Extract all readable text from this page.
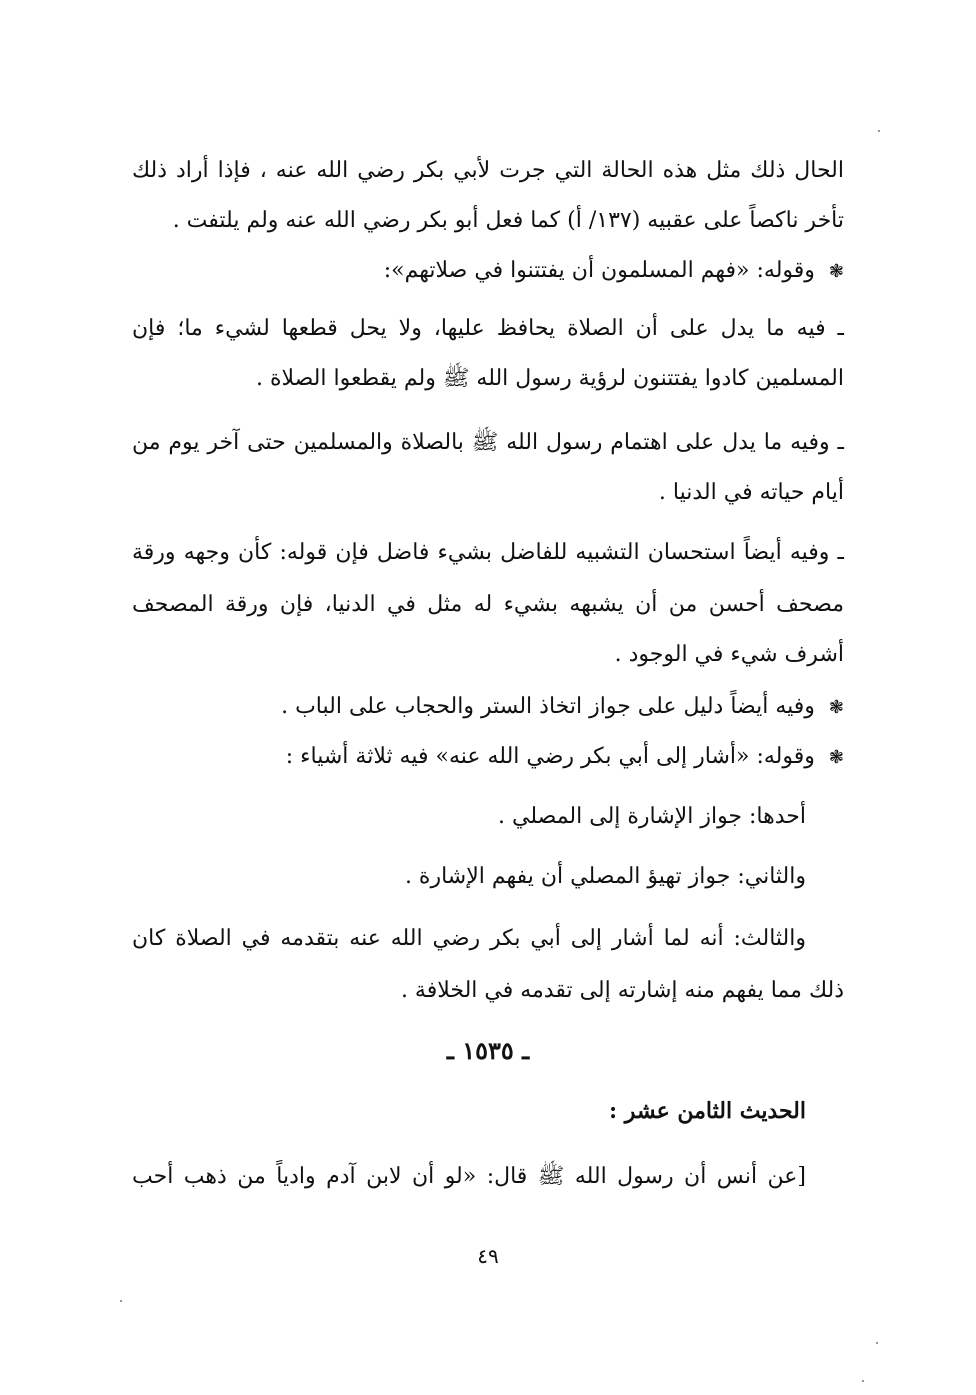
الحال ذلك مثل هذه الحالة التي جرت لأبي بكر رضي الله عنه ، فإذا أراد ذلك
تأخر ناكصاً على عقبيه (١٣٧/ أ) كما فعل أبو بكر رضي الله عنه ولم يلتفت .
❃وقوله: «فهم المسلمون أن يفتتنوا في صلاتهم»:
ـ فيه ما يدل على أن الصلاة يحافظ عليها، ولا يحل قطعها لشيء ما؛ فإن
المسلمين كادوا يفتتنون لرؤية رسول الله ﷺ ولم يقطعوا الصلاة .
ـ وفيه ما يدل على اهتمام رسول الله ﷺ بالصلاة والمسلمين حتى آخر يوم من
أيام حياته في الدنيا .
ـ وفيه أيضاً استحسان التشبيه للفاضل بشيء فاضل فإن قوله: كأن وجهه ورقة
مصحف أحسن من أن يشبهه بشيء له مثل في الدنيا، فإن ورقة المصحف
أشرف شيء في الوجود .
❃وفيه أيضاً دليل على جواز اتخاذ الستر والحجاب على الباب .
❃وقوله: «أشار إلى أبي بكر رضي الله عنه» فيه ثلاثة أشياء :
أحدها: جواز الإشارة إلى المصلي .
والثاني: جواز تهيؤ المصلي أن يفهم الإشارة .
والثالث: أنه لما أشار إلى أبي بكر رضي الله عنه بتقدمه في الصلاة كان
ذلك مما يفهم منه إشارته إلى تقدمه في الخلافة .
ـ ١٥٣٥ ـ
الحديث الثامن عشر :
[عن أنس أن رسول الله ﷺ قال: «لو أن لابن آدم وادياً من ذهب أحب
٤٩
